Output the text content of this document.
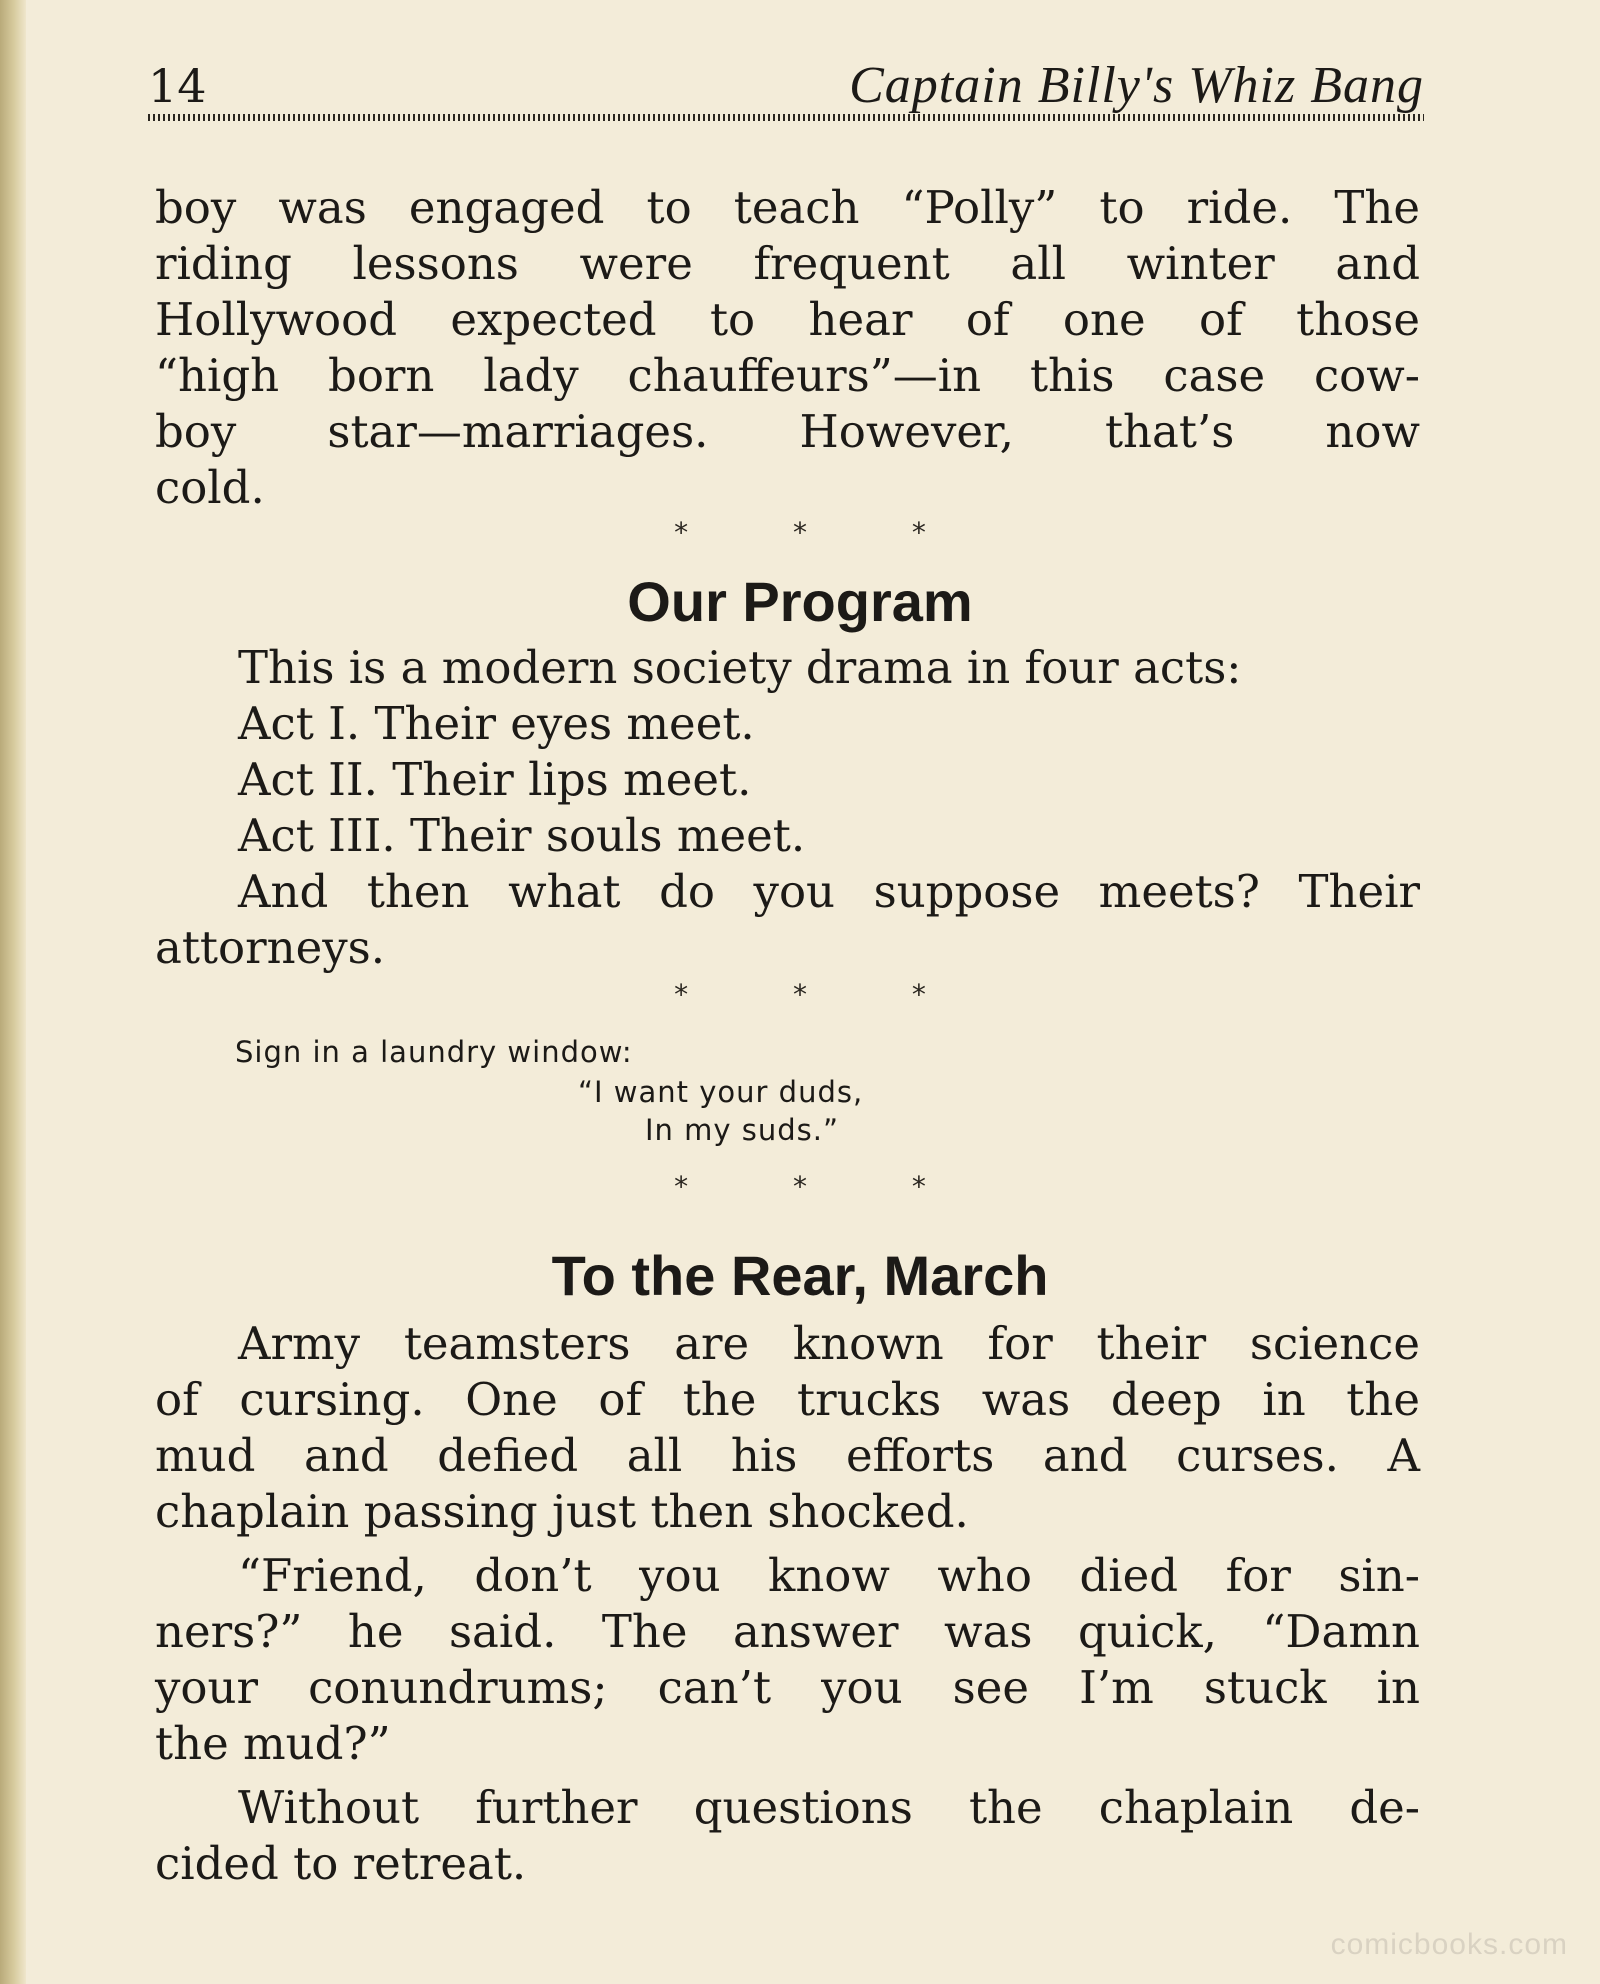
14	Captain Billy's Whiz Bang
boy was engaged to teach “Polly” to ride. The
riding lessons were frequent all winter and
Hollywood expected to hear of one of those
“high born lady chauffeurs”—in this case cow-
boy star—marriages. However, that’s now
cold.
* * *
Our Program
This is a modern society drama in four acts:
Act I. Their eyes meet.
Act II. Their lips meet.
Act III. Their souls meet.
And then what do you suppose meets? Their
attorneys.
* * *
Sign in a laundry window:
“I want your duds,
In my suds.”
* * *
To the Rear, March
Army teamsters are known for their science
of cursing. One of the trucks was deep in the
mud and defied all his efforts and curses. A
chaplain passing just then shocked.
“Friend, don’t you know who died for sin-
ners?” he said. The answer was quick, “Damn
your conundrums; can’t you see I’m stuck in
the mud?”
Without further questions the chaplain de-
cided to retreat.
comicbooks.com
